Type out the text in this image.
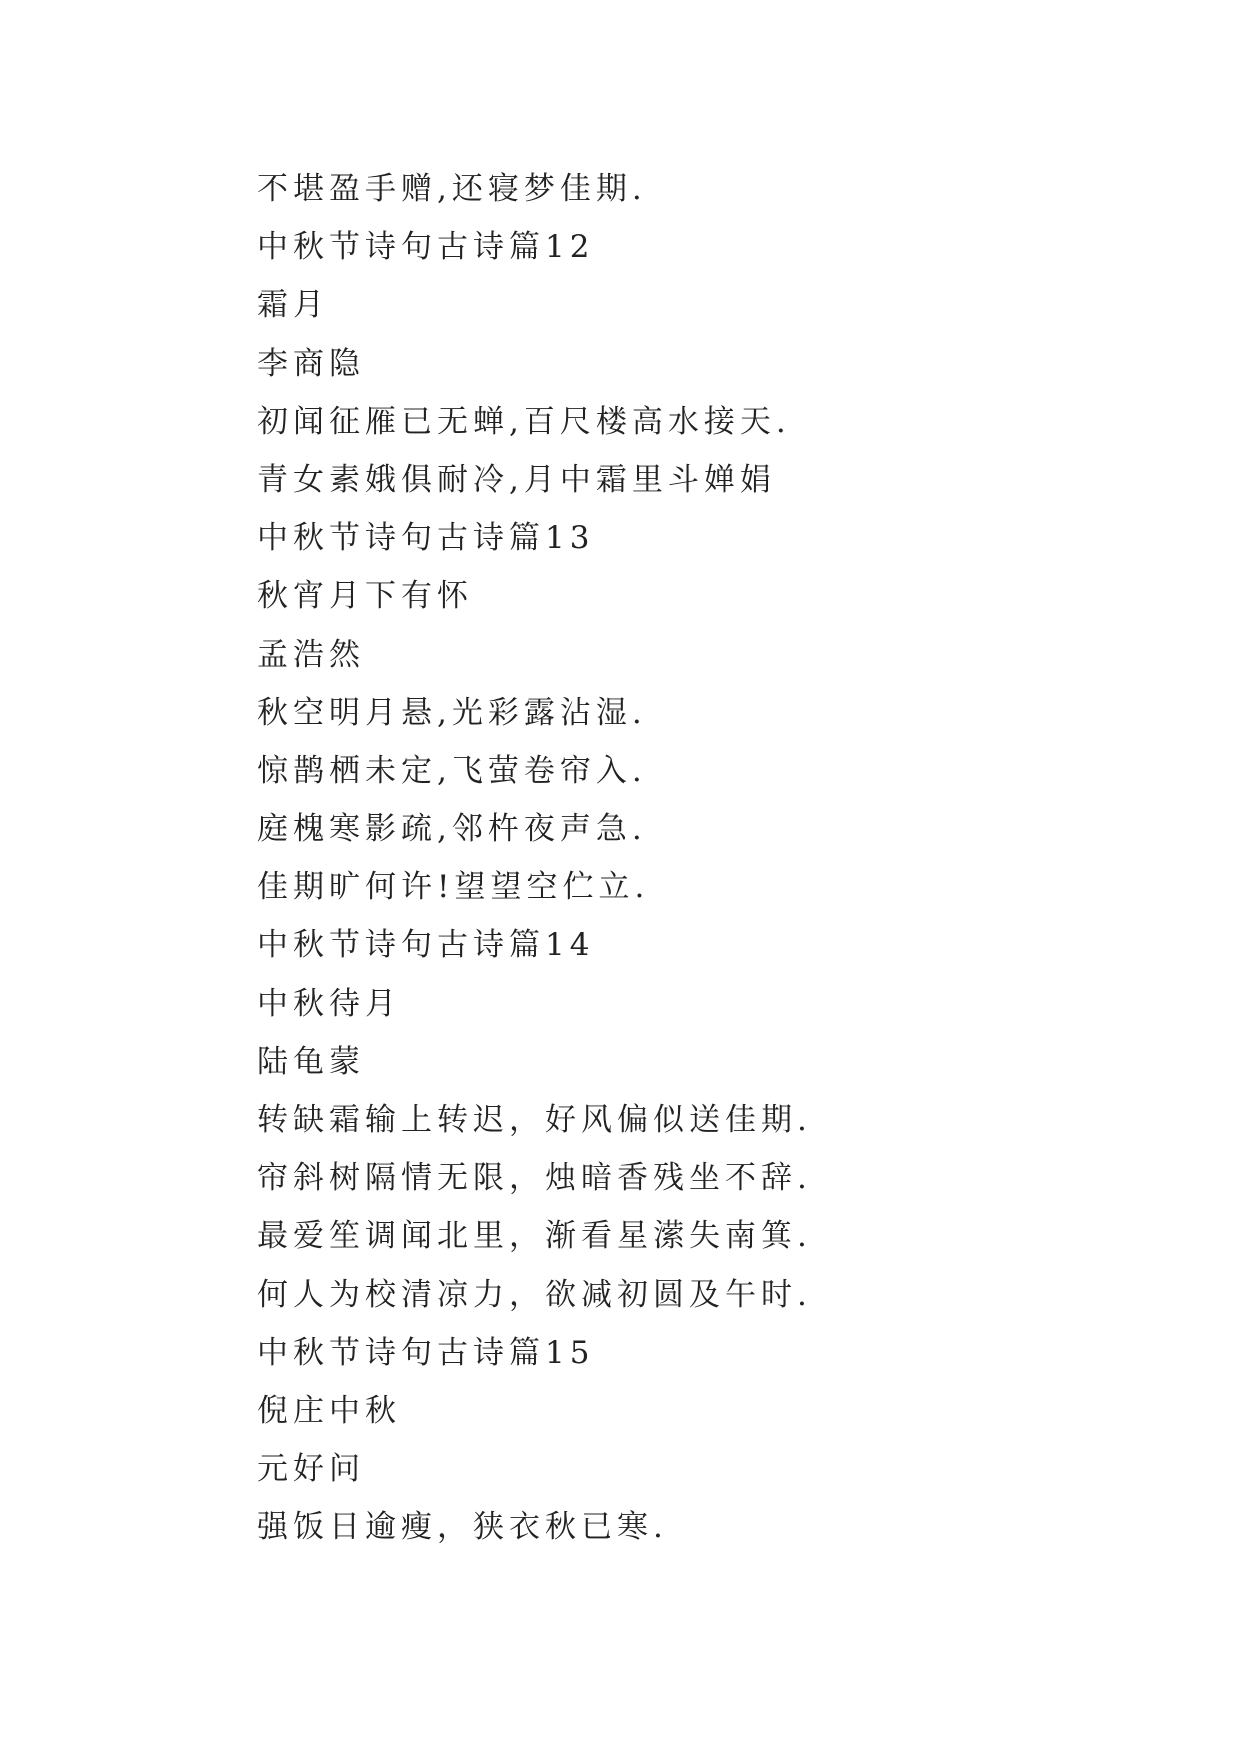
不堪盈手赠,还寝梦佳期.
中秋节诗句古诗篇12
霜月
李商隐
初闻征雁已无蝉,百尺楼高水接天.
青女素娥俱耐冷,月中霜里斗婵娟
中秋节诗句古诗篇13
秋宵月下有怀
孟浩然
秋空明月悬,光彩露沾湿.
惊鹊栖未定,飞萤卷帘入.
庭槐寒影疏,邻杵夜声急.
佳期旷何许!望望空伫立.
中秋节诗句古诗篇14
中秋待月
陆龟蒙
转缺霜输上转迟，好风偏似送佳期.
帘斜树隔情无限，烛暗香残坐不辞.
最爱笙调闻北里，渐看星潆失南箕.
何人为校清凉力，欲减初圆及午时.
中秋节诗句古诗篇15
倪庄中秋
元好问
强饭日逾瘦，狭衣秋已寒.
